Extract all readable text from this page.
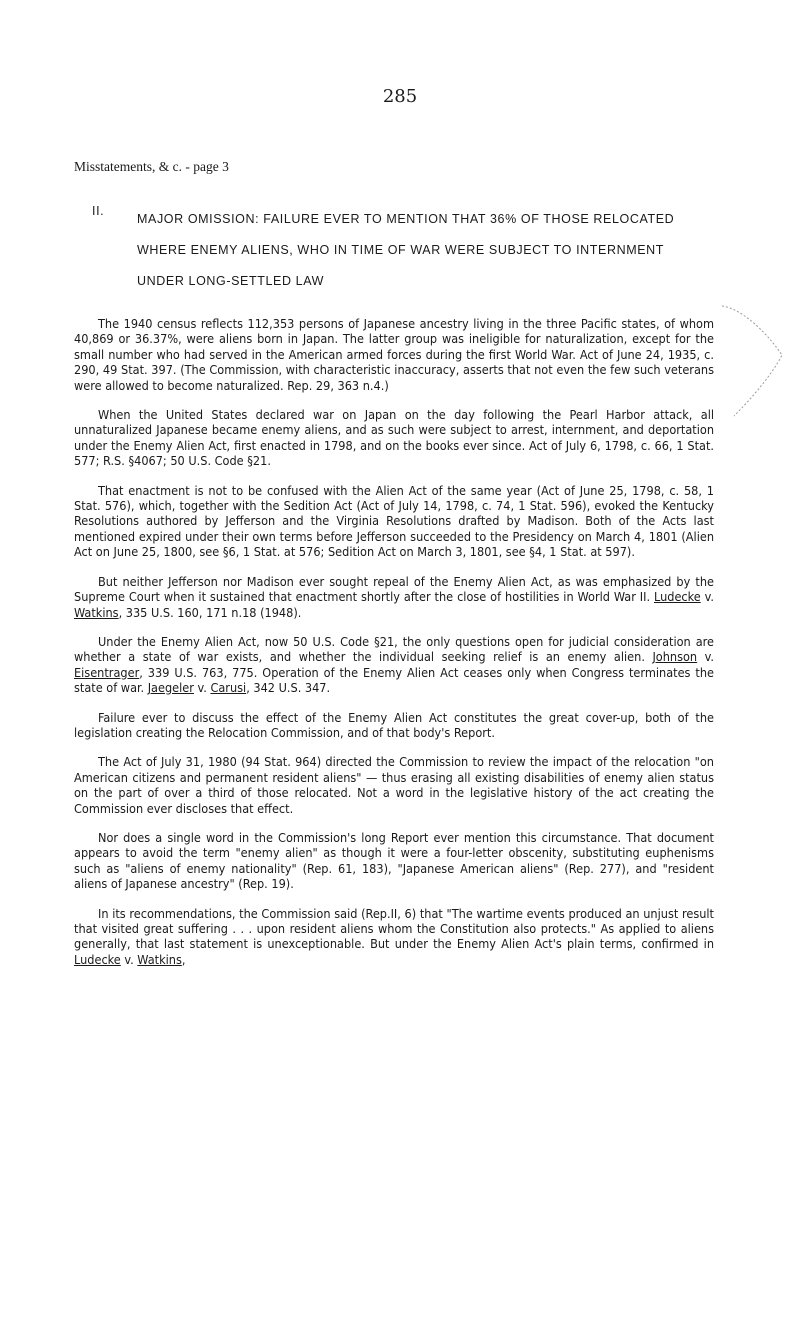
285
Misstatements, & c. - page 3
II.
MAJOR OMISSION: FAILURE EVER TO MENTION THAT 36% OF THOSE RELOCATED WHERE ENEMY ALIENS, WHO IN TIME OF WAR WERE SUBJECT TO INTERNMENT UNDER LONG-SETTLED LAW

The 1940 census reflects 112,353 persons of Japanese ancestry living in the three Pacific states, of whom 40,869 or 36.37%, were aliens born in Japan. The latter group was ineligible for naturalization, except for the small number who had served in the American armed forces during the first World War. Act of June 24, 1935, c. 290, 49 Stat. 397. (The Commission, with characteristic inaccuracy, asserts that not even the few such veterans were allowed to become naturalized. Rep. 29, 363 n.4.)

When the United States declared war on Japan on the day following the Pearl Harbor attack, all unnaturalized Japanese became enemy aliens, and as such were subject to arrest, internment, and deportation under the Enemy Alien Act, first enacted in 1798, and on the books ever since. Act of July 6, 1798, c. 66, 1 Stat. 577; R.S. §4067; 50 U.S. Code §21.

That enactment is not to be confused with the Alien Act of the same year (Act of June 25, 1798, c. 58, 1 Stat. 576), which, together with the Sedition Act (Act of July 14, 1798, c. 74, 1 Stat. 596), evoked the Kentucky Resolutions authored by Jefferson and the Virginia Resolutions drafted by Madison. Both of the Acts last mentioned expired under their own terms before Jefferson succeeded to the Presidency on March 4, 1801 (Alien Act on June 25, 1800, see §6, 1 Stat. at 576; Sedition Act on March 3, 1801, see §4, 1 Stat. at 597).

But neither Jefferson nor Madison ever sought repeal of the Enemy Alien Act, as was emphasized by the Supreme Court when it sustained that enactment shortly after the close of hostilities in World War II. Ludecke v. Watkins, 335 U.S. 160, 171 n.18 (1948).

Under the Enemy Alien Act, now 50 U.S. Code §21, the only questions open for judicial consideration are whether a state of war exists, and whether the individual seeking relief is an enemy alien. Johnson v. Eisentrager, 339 U.S. 763, 775. Operation of the Enemy Alien Act ceases only when Congress terminates the state of war. Jaegeler v. Carusi, 342 U.S. 347.

Failure ever to discuss the effect of the Enemy Alien Act constitutes the great cover-up, both of the legislation creating the Relocation Commission, and of that body's Report.

The Act of July 31, 1980 (94 Stat. 964) directed the Commission to review the impact of the relocation "on American citizens and permanent resident aliens" — thus erasing all existing disabilities of enemy alien status on the part of over a third of those relocated. Not a word in the legislative history of the act creating the Commission ever discloses that effect.

Nor does a single word in the Commission's long Report ever mention this circumstance. That document appears to avoid the term "enemy alien" as though it were a four-letter obscenity, substituting euphenisms such as "aliens of enemy nationality" (Rep. 61, 183), "Japanese American aliens" (Rep. 277), and "resident aliens of Japanese ancestry" (Rep. 19).

In its recommendations, the Commission said (Rep.II, 6) that "The wartime events produced an unjust result that visited great suffering . . . upon resident aliens whom the Constitution also protects." As applied to aliens generally, that last statement is unexceptionable. But under the Enemy Alien Act's plain terms, confirmed in Ludecke v. Watkins,
